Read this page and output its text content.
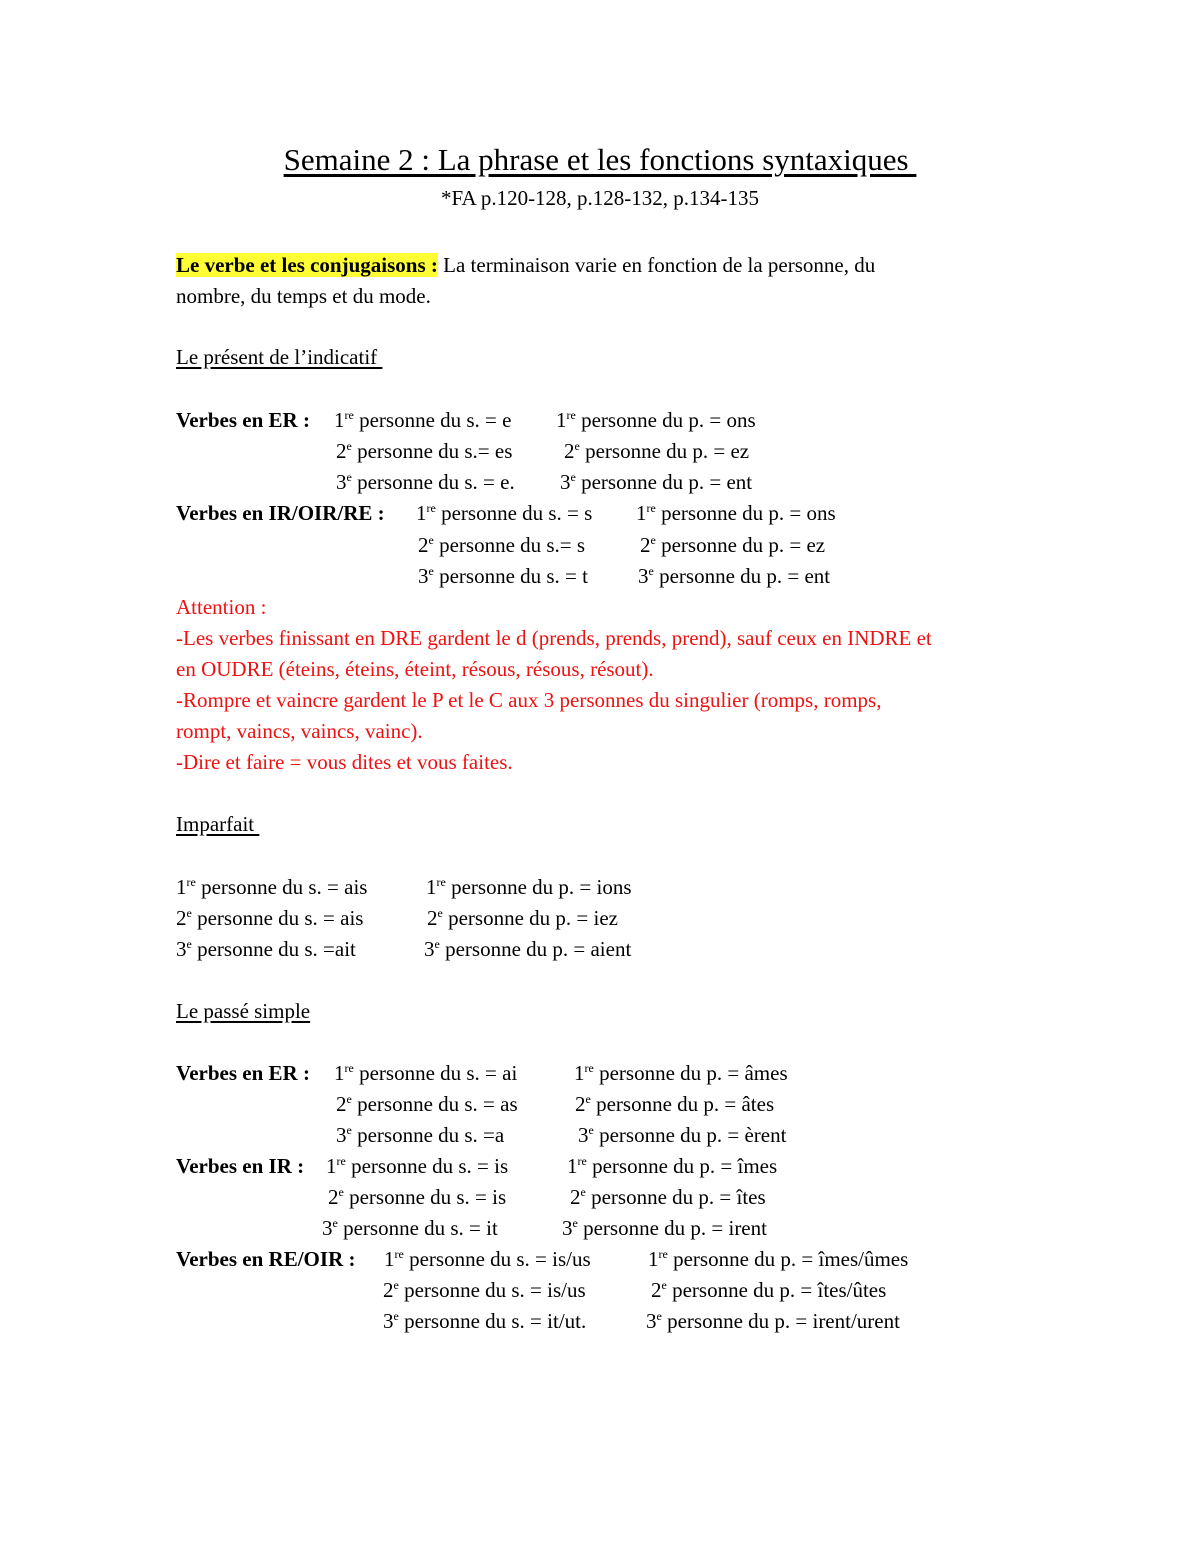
Semaine 2 : La phrase et les fonctions syntaxiques
*FA p.120-128, p.128-132, p.134-135
Le verbe et les conjugaisons : La terminaison varie en fonction de la personne, du
nombre, du temps et du mode.
Le présent de l’indicatif
Verbes en ER : 1re personne du s. = e 1re personne du p. = ons
2e personne du s.= es 2e personne du p. = ez
3e personne du s. = e. 3e personne du p. = ent
Verbes en IR/OIR/RE : 1re personne du s. = s 1re personne du p. = ons
2e personne du s.= s	2e personne du p. = ez
3e personne du s. = t 3e personne du p. = ent
Attention :
-Les verbes finissant en DRE gardent le d (prends, prends, prend), sauf ceux en INDRE et
en OUDRE (éteins, éteins, éteint, résous, résous, résout).
-Rompre et vaincre gardent le P et le C aux 3 personnes du singulier (romps, romps,
rompt, vaincs, vaincs, vainc).
-Dire et faire = vous dites et vous faites.
Imparfait
1re personne du s. = ais	1re personne du p. = ions
2e personne du s. = ais	2e personne du p. = iez
3e personne du s. =ait	3e personne du p. = aient
Le passé simple
Verbes en ER : 1re personne du s. = ai	1re personne du p. = âmes
2e personne du s. = as	2e personne du p. = âtes
3e personne du s. =a	3e personne du p. = èrent
Verbes en IR : 1re personne du s. = is	1re personne du p. = îmes
2e personne du s. = is	2e personne du p. = îtes
3e personne du s. = it	3e personne du p. = irent
Verbes en RE/OIR : 1re personne du s. = is/us	1re personne du p. = îmes/ûmes
2e personne du s. = is/us	2e personne du p. = îtes/ûtes
3e personne du s. = it/ut.	3e personne du p. = irent/urent
